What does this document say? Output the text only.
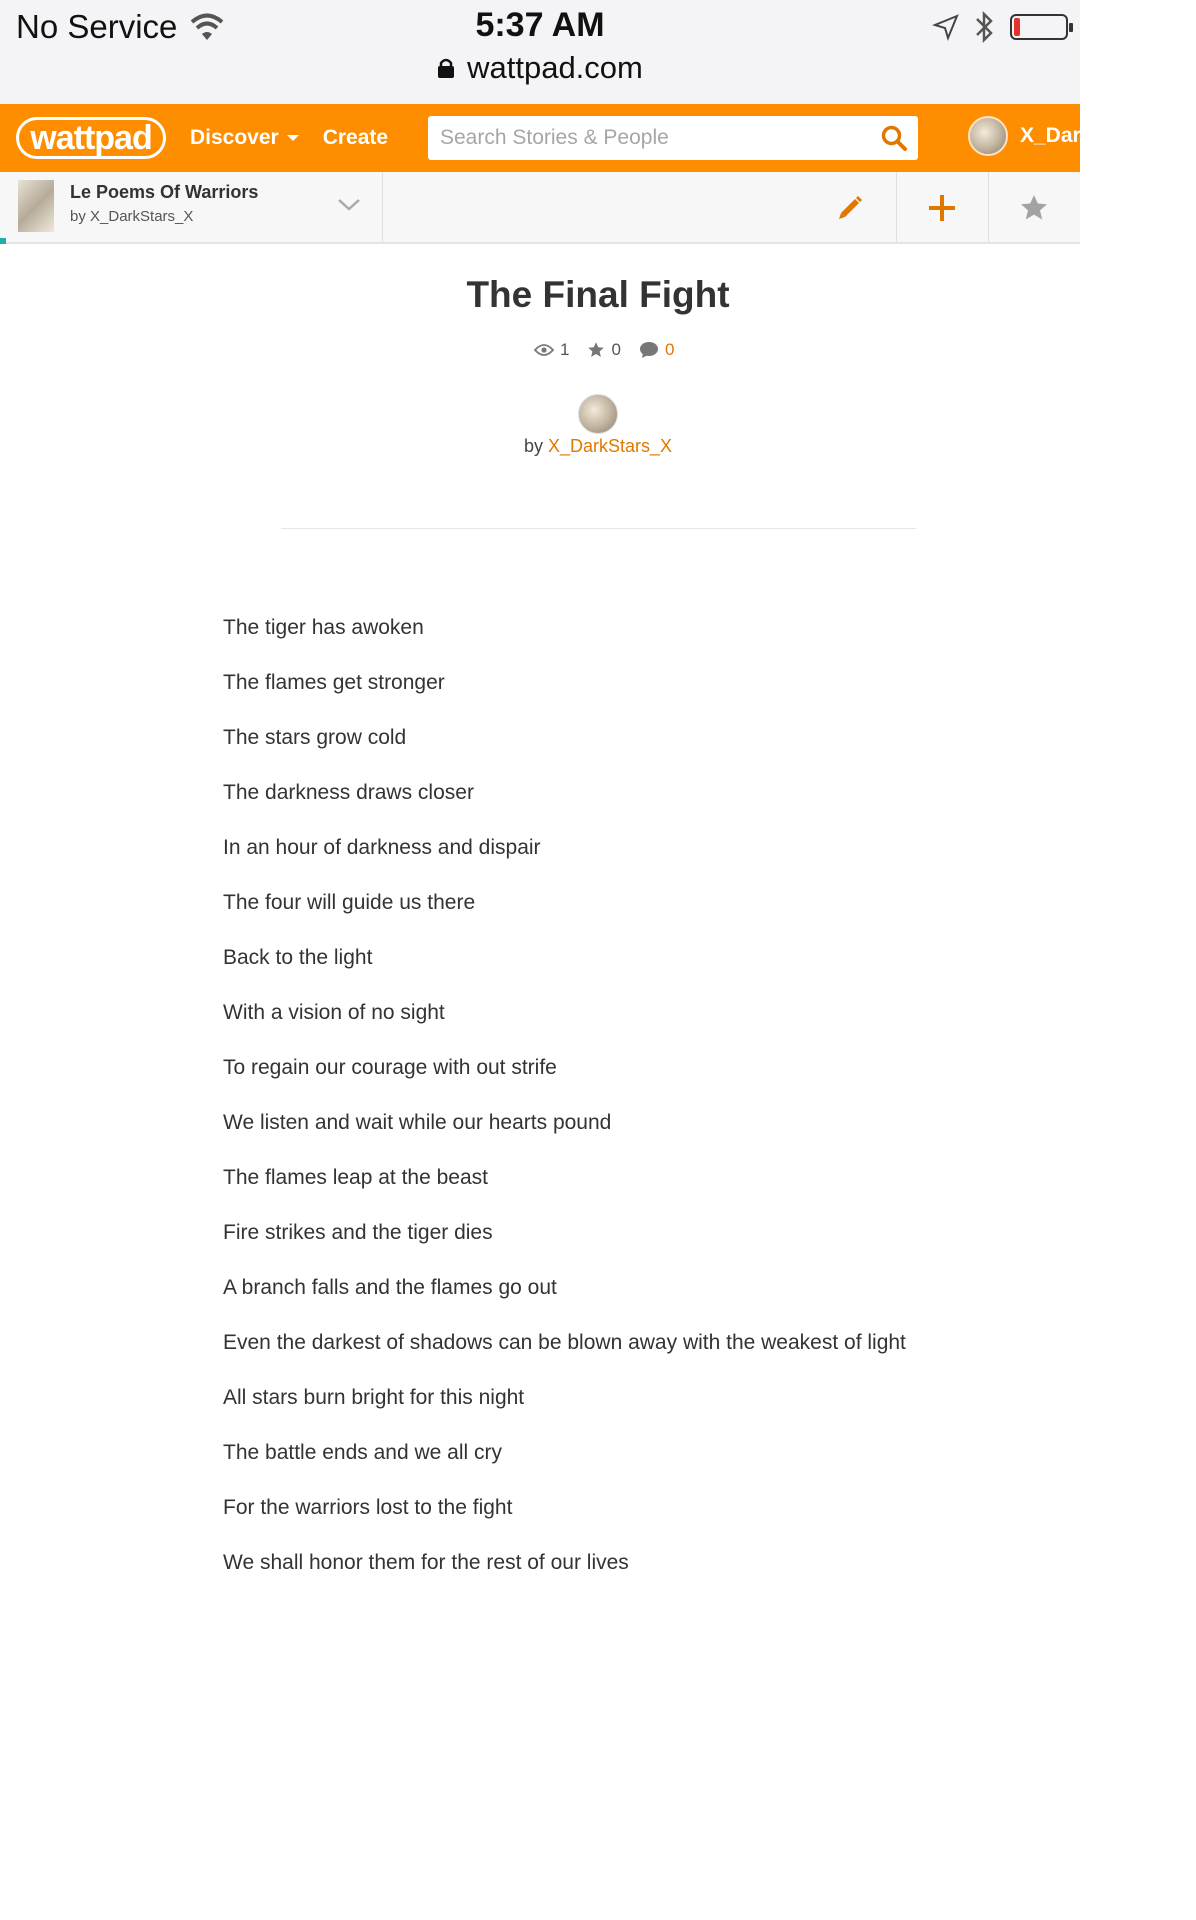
No Service	5:37 AM
wattpad.com
wattpad	Discover Create
Search Stories & People	X_Dark
Le Poems Of Warriors
by X_DarkStars_X
The Final Fight
1 0	0
by X_DarkStars_X
The tiger has awoken
The flames get stronger
The stars grow cold
The darkness draws closer
In an hour of darkness and dispair
The four will guide us there
Back to the light
With a vision of no sight
To regain our courage with out strife
We listen and wait while our hearts pound
The flames leap at the beast
Fire strikes and the tiger dies
A branch falls and the flames go out
Even the darkest of shadows can be blown away with the weakest of light
All stars burn bright for this night
The battle ends and we all cry
For the warriors lost to the fight
We shall honor them for the rest of our lives
